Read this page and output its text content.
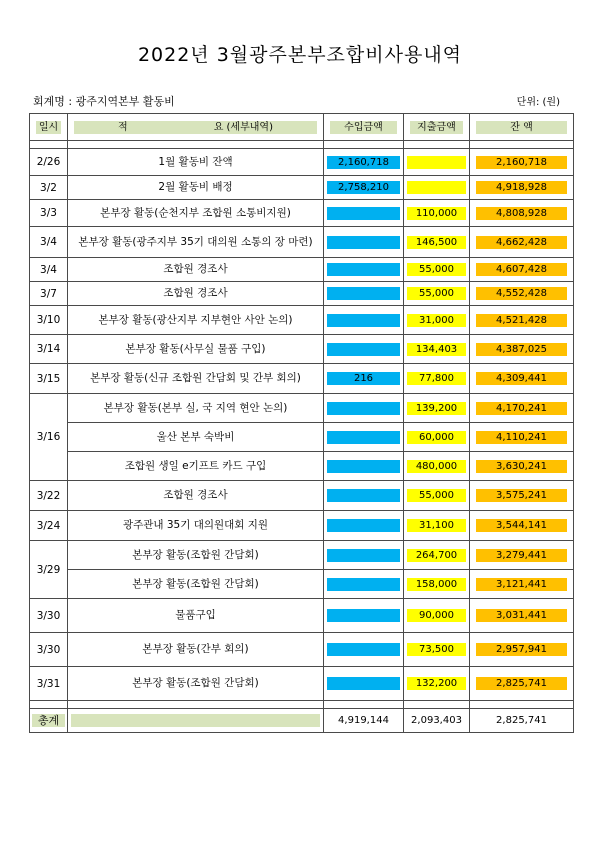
2022년 3월광주본부조합비사용내역
회계명 : 광주지역본부 활동비	단위: (원)
일시	적 요 (세부내역)	수입금액	지출금액	잔 액

2/26	1월 활동비 잔액	2,160,718		2,160,718

3/2	2월 활동비 배정	2,758,210		4,918,928

3/3	본부장 활동(순천지부 조합원 소통비지원)		110,000	4,808,928

3/4	본부장 활동(광주지부 35기 대의원 소통의 장 마련)		146,500	4,662,428

3/4	조합원 경조사		55,000	4,607,428

3/7	조합원 경조사		55,000	4,552,428

3/10	본부장 활동(광산지부 지부현안 사안 논의)		31,000	4,521,428

3/14	본부장 활동(사무실 물품 구입)		134,403	4,387,025

3/15	본부장 활동(신규 조합원 간담회 및 간부 회의)	216	77,800	4,309,441

3/16	본부장 활동(본부 실, 국 지역 현안 논의)		139,200	4,170,241

	울산 본부 숙박비		60,000	4,110,241

	조합원 생일 e기프트 카드 구입		480,000	3,630,241

3/22	조합원 경조사		55,000	3,575,241

3/24	광주관내 35기 대의원대회 지원		31,100	3,544,141

3/29	본부장 활동(조합원 간담회)		264,700	3,279,441

	본부장 활동(조합원 간담회)		158,000	3,121,441

3/30	물품구입		90,000	3,031,441

3/30	본부장 활동(간부 회의)		73,500	2,957,941

3/31	본부장 활동(조합원 간담회)		132,200	2,825,741

총계		4,919,144	2,093,403	2,825,741
